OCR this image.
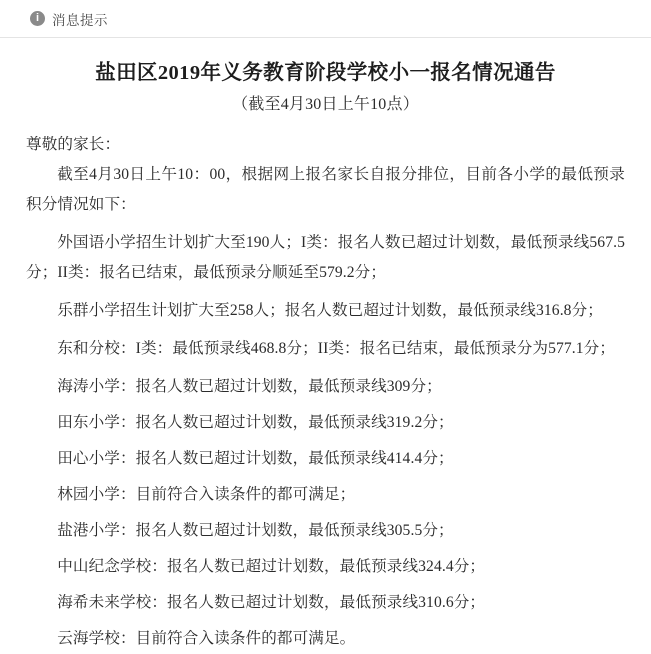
i 消息提示
盐田区2019年义务教育阶段学校小一报名情况通告
（截至4月30日上午10点）

尊敬的家长：

截至4月30日上午10：00，根据网上报名家长自报分排位，目前各小学的最低预录积分情况如下：

外国语小学招生计划扩大至190人；I类：报名人数已超过计划数，最低预录线567.5分；II类：报名已结束，最低预录分顺延至579.2分；

乐群小学招生计划扩大至258人；报名人数已超过计划数，最低预录线316.8分；

东和分校：I类：最低预录线468.8分；II类：报名已结束，最低预录分为577.1分；

海涛小学：报名人数已超过计划数，最低预录线309分；

田东小学：报名人数已超过计划数，最低预录线319.2分；

田心小学：报名人数已超过计划数，最低预录线414.4分；

林园小学：目前符合入读条件的都可满足；

盐港小学：报名人数已超过计划数，最低预录线305.5分；

中山纪念学校：报名人数已超过计划数，最低预录线324.4分；

海希未来学校：报名人数已超过计划数，最低预录线310.6分；

云海学校：目前符合入读条件的都可满足。
